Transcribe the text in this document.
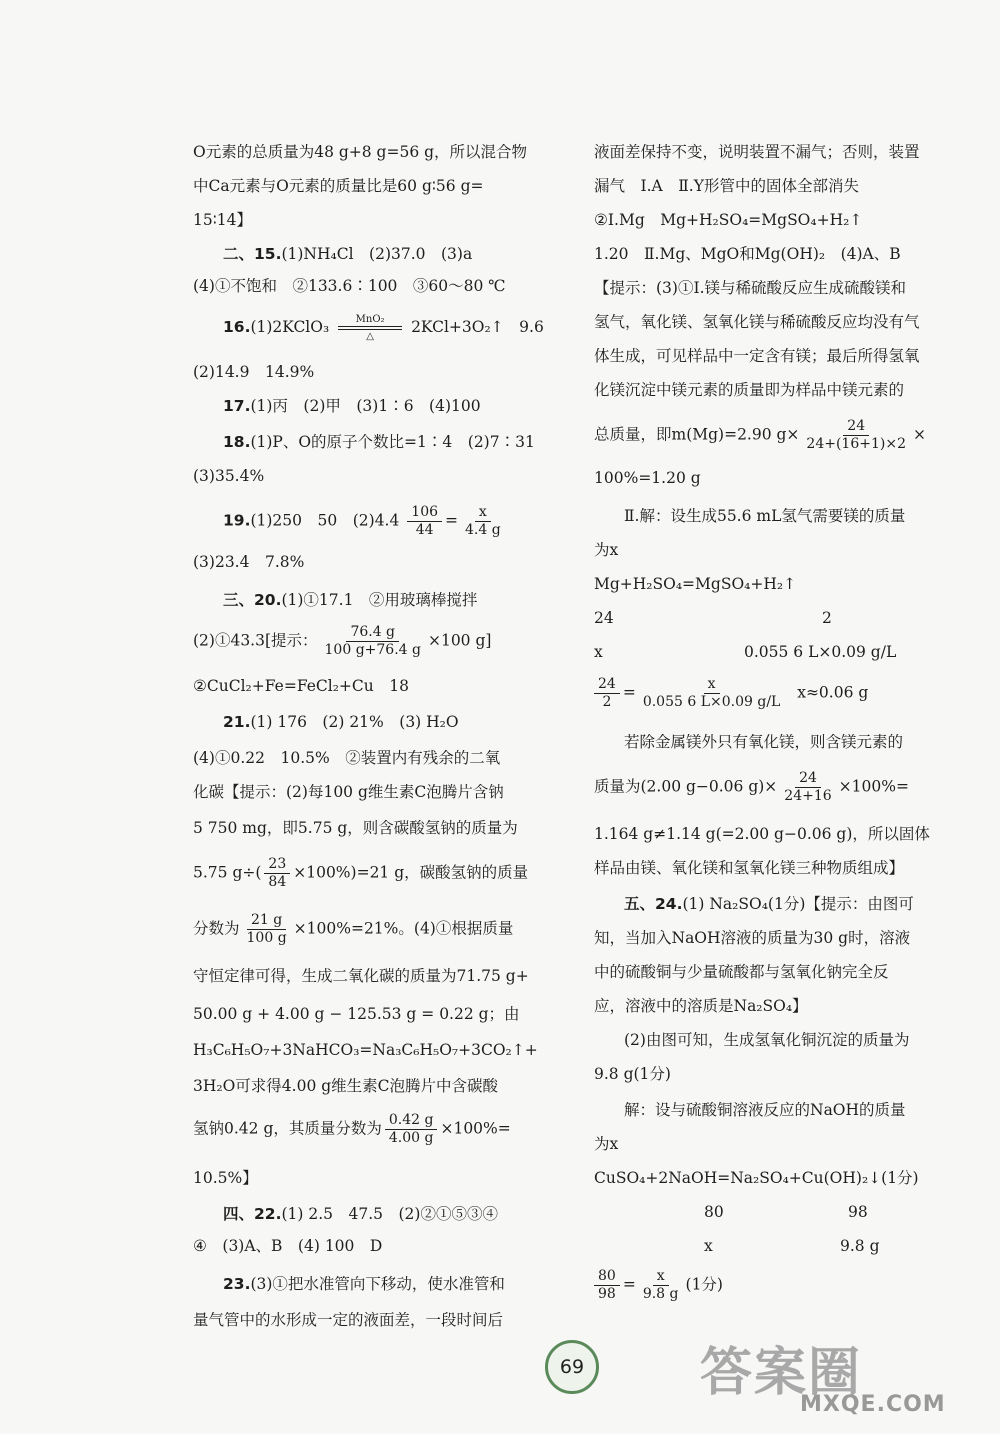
O元素的总质量为48 g+8 g=56 g，所以混合物
中Ca元素与O元素的质量比是60 g∶56 g=
15∶14】
二、15.(1)NH₄Cl　(2)37.0　(3)a
(4)①不饱和　②133.6∶100　③60～80 ℃
16.(1)2KClO₃	MnO₂
△
2KCl+3O₂↑　9.6
(2)14.9　14.9%
17.(1)丙　(2)甲　(3)1∶6　(4)100
18.(1)P、O的原子个数比=1∶4　(2)7∶31
(3)35.4%
19.(1)250　50　$(2)4.4 \frac{106}{44} = \frac{x}{4.4 g}$
(3)23.4　7.8%
三、20.(1)①17.1　②用玻璃棒搅拌
(2)①43.3[提示： $\frac{76.4 g}{100 g+76.4 g} \times 100$ g]
②CuCl₂+Fe=FeCl₂+Cu　18
21.(1) 176　(2) 21%　(3) H₂O
(4)①0.22　10.5%　②装置内有残余的二氧
化碳【提示：(2)每100 g维生素C泡腾片含钠
5 750 mg，即5.75 g，则含碳酸氢钠的质量为
5.75 $g\div( \frac{23}{84} \times 100\%)=21$ g，碳酸氢钠的质量
分数为 $\frac{21 g}{100 g} \times 100\%=21\%$。(4)①根据质量
守恒定律可得，生成二氧化碳的质量为71.75 g+
50.00 g + 4.00 g − 125.53 g = 0.22 g；由
H₃C₆H₅O₇+3NaHCO₃=Na₃C₆H₅O₇+3CO₂↑+
3H₂O可求得4.00 g维生素C泡腾片中含碳酸
氢钠0.42 g，其质量分数为 $\frac{0.42 g}{4.00 g} \times 100\%=$
10.5%】
四、22.(1) 2.5　47.5　(2)②①⑤③④
④　(3)A、B　(4) 100　D
23.(3)①把水准管向下移动，使水准管和
量气管中的水形成一定的液面差，一段时间后
液面差保持不变，说明装置不漏气；否则，装置
漏气　Ⅰ.A　Ⅱ.Y形管中的固体全部消失
②Ⅰ.Mg　Mg+H₂SO₄=MgSO₄+H₂↑
1.20　Ⅱ.Mg、MgO和Mg(OH)₂　(4)A、B
【提示：(3)①Ⅰ.镁与稀硫酸反应生成硫酸镁和
氢气，氧化镁、氢氧化镁与稀硫酸反应均没有气
体生成，可见样品中一定含有镁；最后所得氢氧
化镁沉淀中镁元素的质量即为样品中镁元素的
总质量，即m(Mg)=2.90 $g\times \frac{24}{24+(16+1)\times 2}$ ×
100%=1.20 g
Ⅱ.解：设生成55.6 mL氢气需要镁的质量
为x
Mg+H₂SO₄=MgSO₄+H₂↑
24	2
x	0.055 6 L×0.09 g/L
$\frac{24}{2} = \frac{x}{0.055 6 L\times 0.09 g/L} x\approx 0.06$ g
若除金属镁外只有氧化镁，则含镁元素的
质量为(2.00 g−0.06 $g)\times \frac{24}{24+16} \times 100\%=$
1.164 g≠1.14 g(=2.00 g−0.06 g)，所以固体
样品由镁、氧化镁和氢氧化镁三种物质组成】
五、24.(1) Na₂SO₄(1分)【提示：由图可
知，当加入NaOH溶液的质量为30 g时，溶液
中的硫酸铜与少量硫酸都与氢氧化钠完全反
应，溶液中的溶质是Na₂SO₄】
(2)由图可知，生成氢氧化铜沉淀的质量为
9.8 g(1分)
解：设与硫酸铜溶液反应的NaOH的质量
为x
CuSO₄+2NaOH=Na₂SO₄+Cu(OH)₂↓(1分)
80	98
x	9.8 g
$\frac{80}{98} = \frac{x}{9.8 g} (1$分)
69 答案圈
MXQE.COM
